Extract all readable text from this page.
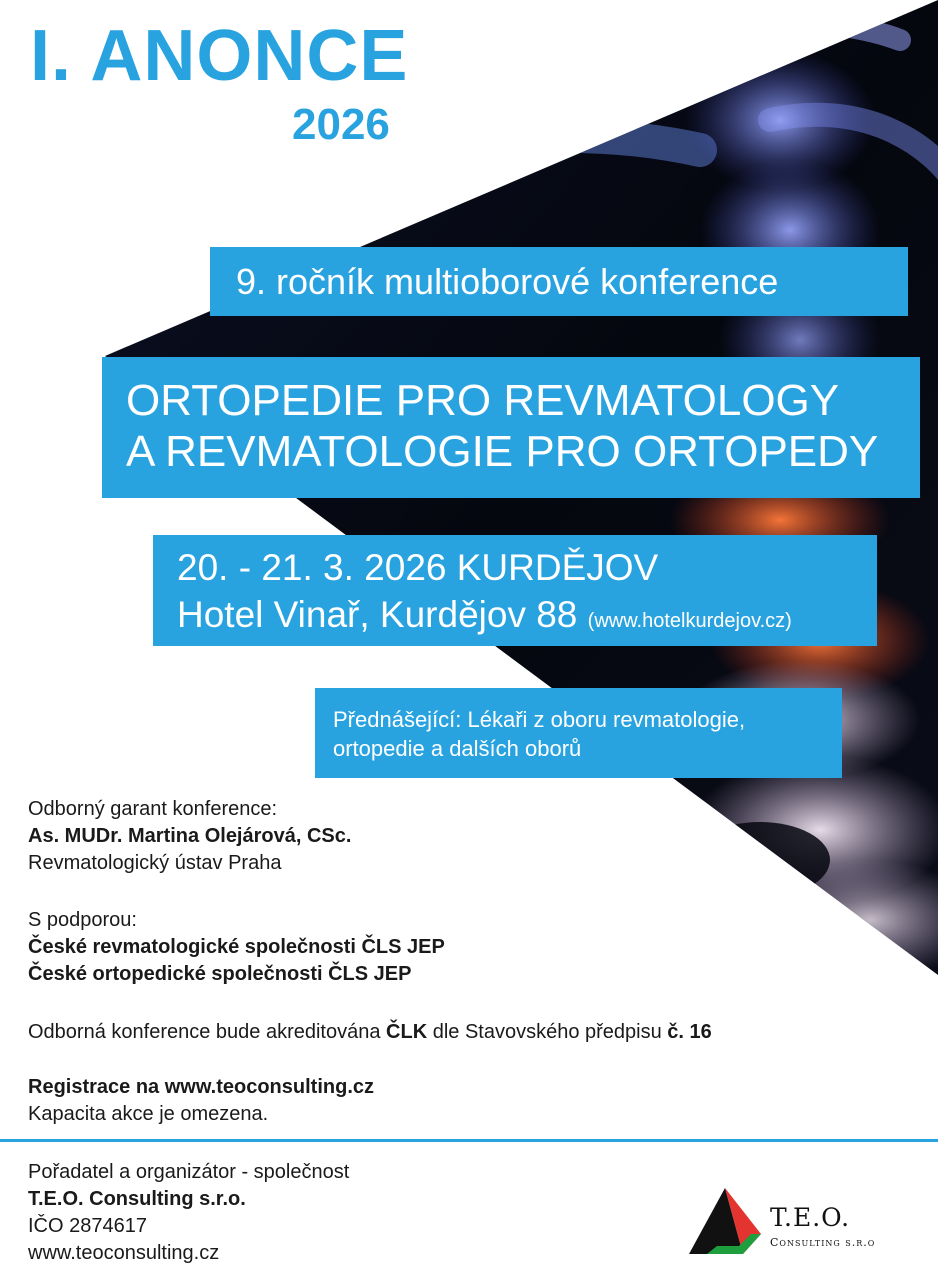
I. ANONCE
2026
9. ročník multioborové konference
ORTOPEDIE PRO REVMATOLOGY
A REVMATOLOGIE PRO ORTOPEDY
20. - 21. 3. 2026 KURDĚJOV
Hotel Vinař, Kurdějov 88 (www.hotelkurdejov.cz)
Přednášející: Lékaři z oboru revmatologie,
ortopedie a dalších oborů
Odborný garant konference:
As. MUDr. Martina Olejárová, CSc.
Revmatologický ústav Praha
S podporou:
České revmatologické společnosti ČLS JEP
České ortopedické společnosti ČLS JEP
Odborná konference bude akreditována ČLK dle Stavovského předpisu č. 16
Registrace na www.teoconsulting.cz
Kapacita akce je omezena.
Pořadatel a organizátor - společnost
T.E.O. Consulting s.r.o.
IČO 2874617
www.teoconsulting.cz
T.E.O.
Consulting s.r.o
